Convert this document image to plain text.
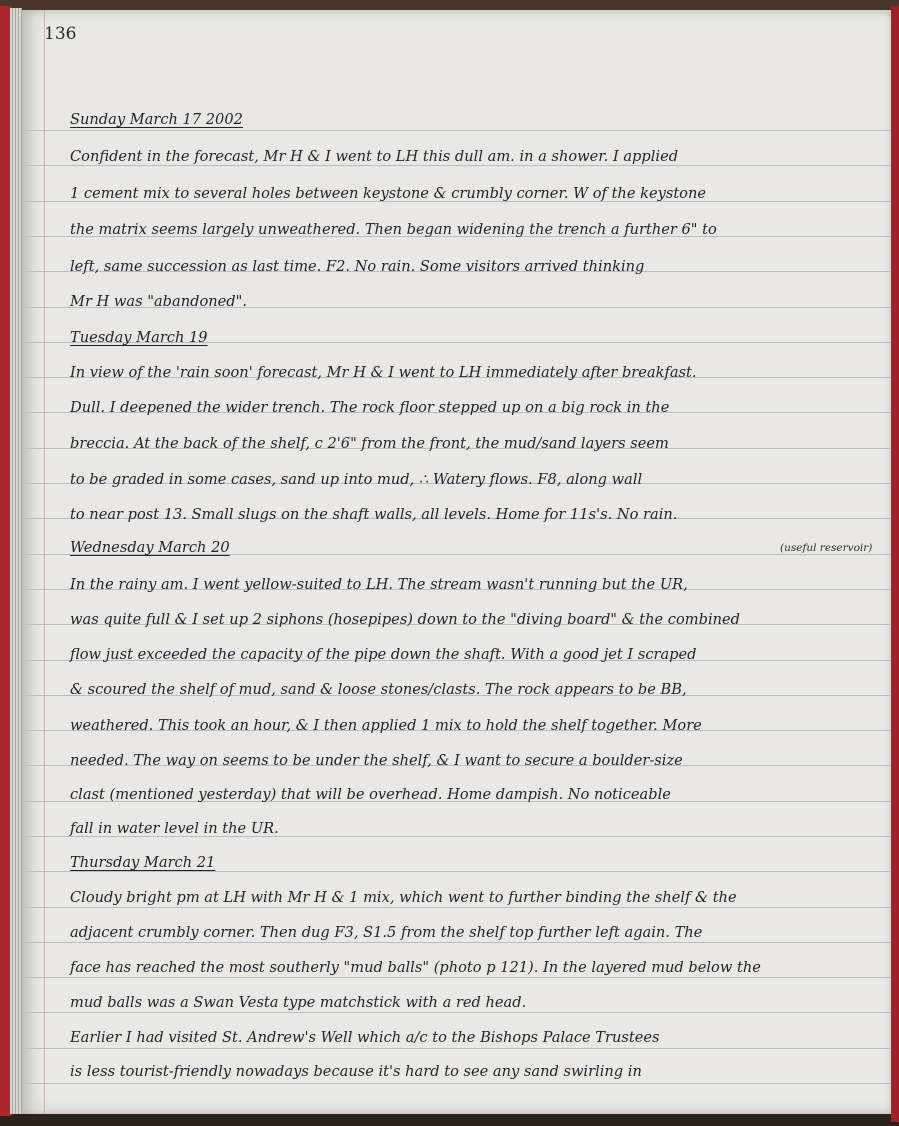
136
Sunday March 17 2002
Confident in the forecast, Mr H & I went to LH this dull am. in a shower. I applied
1 cement mix to several holes between keystone & crumbly corner. W of the keystone
the matrix seems largely unweathered. Then began widening the trench a further 6" to
left, same succession as last time. F2. No rain. Some visitors arrived thinking
Mr H was "abandoned".
Tuesday March 19
In view of the 'rain soon' forecast, Mr H & I went to LH immediately after breakfast.
Dull. I deepened the wider trench. The rock floor stepped up on a big rock in the
breccia. At the back of the shelf, c 2'6" from the front, the mud/sand layers seem
to be graded in some cases, sand up into mud, ∴ Watery flows. F8, along wall
to near post 13. Small slugs on the shaft walls, all levels. Home for 11s's. No rain.
Wednesday March 20	(useful reservoir)
In the rainy am. I went yellow-suited to LH. The stream wasn't running but the UR,
was quite full & I set up 2 siphons (hosepipes) down to the "diving board" & the combined
flow just exceeded the capacity of the pipe down the shaft. With a good jet I scraped
& scoured the shelf of mud, sand & loose stones/clasts. The rock appears to be BB,
weathered. This took an hour, & I then applied 1 mix to hold the shelf together. More
needed. The way on seems to be under the shelf, & I want to secure a boulder-size
clast (mentioned yesterday) that will be overhead. Home dampish. No noticeable
fall in water level in the UR.
Thursday March 21
Cloudy bright pm at LH with Mr H & 1 mix, which went to further binding the shelf & the
adjacent crumbly corner. Then dug F3, S1.5 from the shelf top further left again. The
face has reached the most southerly "mud balls" (photo p 121). In the layered mud below the
mud balls was a Swan Vesta type matchstick with a red head.
Earlier I had visited St. Andrew's Well which a/c to the Bishops Palace Trustees
is less tourist-friendly nowadays because it's hard to see any sand swirling in
